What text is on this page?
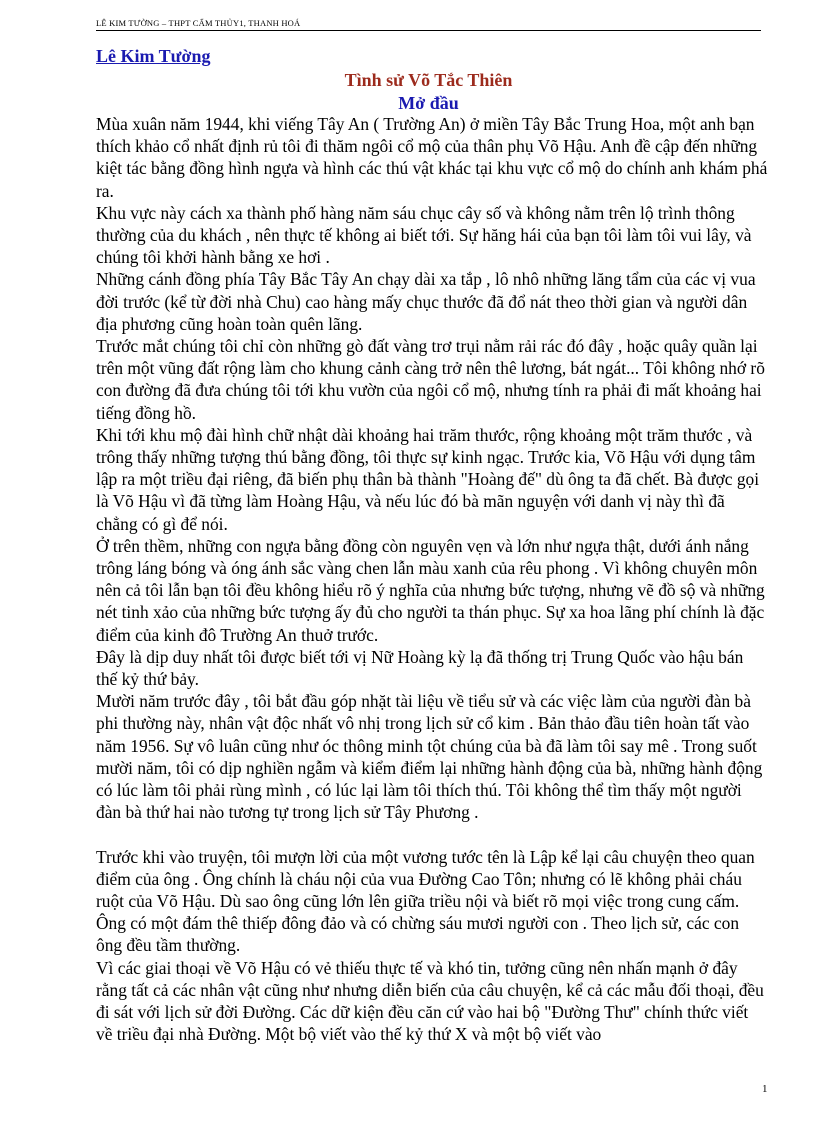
LÊ KIM TƯỜNG – THPT CẨM THỦY1, THANH HOÁ
Lê Kim Tường
Tình sử Võ Tắc Thiên
Mở đầu

Mùa xuân năm 1944, khi viếng Tây An ( Trường An) ở miền Tây Bắc Trung Hoa, một anh bạn thích khảo cổ nhất định rủ tôi đi thăm ngôi cổ mộ của thân phụ Võ Hậu. Anh đề cập đến những kiệt tác bằng đồng hình ngựa và hình các thú vật khác tại khu vực cổ mộ do chính anh khám phá ra.

Khu vực này cách xa thành phố hàng năm sáu chục cây số và không nằm trên lộ trình thông thường của du khách , nên thực tế không ai biết tới. Sự hăng hái của bạn tôi làm tôi vui lây, và chúng tôi khởi hành bằng xe hơi .

Những cánh đồng phía Tây Bắc Tây An chạy dài xa tắp , lô nhô những lăng tẩm của các vị vua đời trước (kể từ đời nhà Chu) cao hàng mấy chục thước đã đổ nát theo thời gian và người dân địa phương cũng hoàn toàn quên lãng.

Trước mắt chúng tôi chỉ còn những gò đất vàng trơ trụi nằm rải rác đó đây , hoặc quây quần lại trên một vũng đất rộng làm cho khung cảnh càng trở nên thê lương, bát ngát... Tôi không nhớ rõ con đường đã đưa chúng tôi tới khu vườn của ngôi cổ mộ, nhưng tính ra phải đi mất khoảng hai tiếng đồng hồ.

Khi tới khu mộ đài hình chữ nhật dài khoảng hai trăm thước, rộng khoảng một trăm thước , và trông thấy những tượng thú bằng đồng, tôi thực sự kinh ngạc. Trước kia, Võ Hậu với dụng tâm lập ra một triều đại riêng, đã biến phụ thân bà thành "Hoàng đế" dù ông ta đã chết. Bà được gọi là Võ Hậu vì đã từng làm Hoàng Hậu, và nếu lúc đó bà mãn nguyện với danh vị này thì đã chẳng có gì để nói.

Ở trên thềm, những con ngựa bằng đồng còn nguyên vẹn và lớn như ngựa thật, dưới ánh nắng trông láng bóng và óng ánh sắc vàng chen lẫn màu xanh của rêu phong . Vì không chuyên môn nên cả tôi lẫn bạn tôi đều không hiểu rõ ý nghĩa của nhưng bức tượng, nhưng vẽ đồ sộ và những nét tinh xảo của những bức tượng ấy đủ cho người ta thán phục. Sự xa hoa lãng phí chính là đặc điểm của kinh đô Trường An thuở trước.

Đây là dịp duy nhất tôi được biết tới vị Nữ Hoàng kỳ lạ đã thống trị Trung Quốc vào hậu bán thế kỷ thứ bảy.

Mười năm trước đây , tôi bắt đầu góp nhặt tài liệu về tiểu sử và các việc làm của người đàn bà phi thường này, nhân vật độc nhất vô nhị trong lịch sử cổ kim . Bản thảo đầu tiên hoàn tất vào năm 1956. Sự vô luân cũng như óc thông minh tột chúng của bà đã làm tôi say mê . Trong suốt mười năm, tôi có dịp nghiền ngẫm và kiểm điểm lại những hành động của bà, những hành động có lúc làm tôi phải rùng mình , có lúc lại làm tôi thích thú. Tôi không thể tìm thấy một người đàn bà thứ hai nào tương tự trong lịch sử Tây Phương .

Trước khi vào truyện, tôi mượn lời của một vương tước tên là Lập kể lại câu chuyện theo quan điểm của ông . Ông chính là cháu nội của vua Đường Cao Tôn; nhưng có lẽ không phải cháu ruột của Võ Hậu. Dù sao ông cũng lớn lên giữa triều nội và biết rõ mọi việc trong cung cấm. Ông có một đám thê thiếp đông đảo và có chừng sáu mươi người con . Theo lịch sử, các con ông đều tầm thường.

Vì các giai thoại về Võ Hậu có vẻ thiếu thực tế và khó tin, tưởng cũng nên nhấn mạnh ở đây rằng tất cả các nhân vật cũng như nhưng diễn biến của câu chuyện, kể cả các mẫu đối thoại, đều đi sát với lịch sử đời Đường. Các dữ kiện đều căn cứ vào hai bộ "Đường Thư" chính thức viết về triều đại nhà Đường. Một bộ viết vào thế kỷ thứ X và một bộ viết vào

1
